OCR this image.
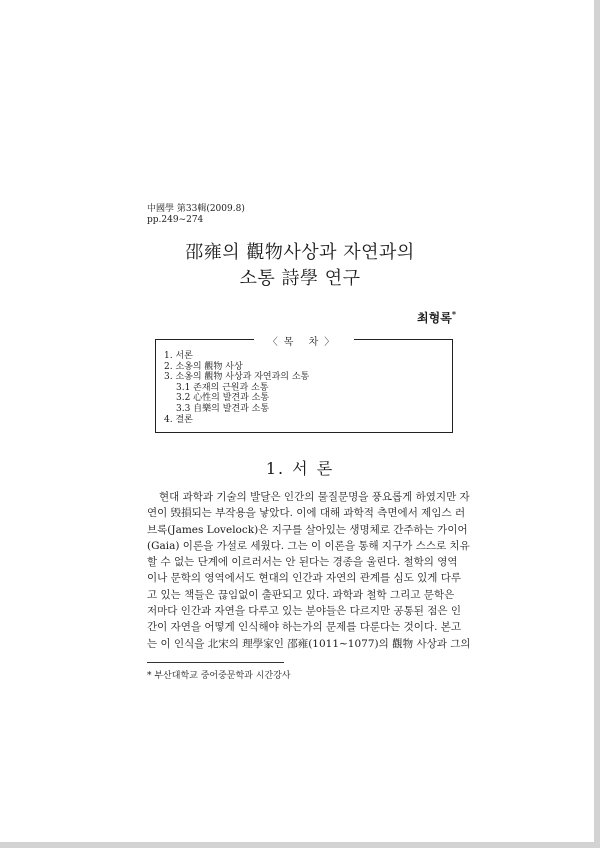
中國學 第33輯(2009.8)
pp.249∼274
邵雍의 觀物사상과 자연과의
소통 詩學 연구
최형록*
〈목 차〉
1. 서론
2. 소옹의 觀物 사상
3. 소옹의 觀物 사상과 자연과의 소통
3.1 존재의 근원과 소통
3.2 心性의 발견과 소통
3.3 自樂의 발견과 소통
4. 결론
1. 서 론
현대 과학과 기술의 발달은 인간의 물질문명을 풍요롭게 하였지만 자
연이 毁損되는 부작용을 낳았다. 이에 대해 과학적 측면에서 제임스 러
브록(James Lovelock)은 지구를 살아있는 생명체로 간주하는 가이어
(Gaia) 이론을 가설로 세웠다. 그는 이 이론을 통해 지구가 스스로 치유
할 수 없는 단계에 이르러서는 안 된다는 경종을 울린다. 철학의 영역
이나 문학의 영역에서도 현대의 인간과 자연의 관계를 심도 있게 다루
고 있는 책들은 끊임없이 출판되고 있다. 과학과 철학 그리고 문학은
저마다 인간과 자연을 다루고 있는 분야들은 다르지만 공통된 점은 인
간이 자연을 어떻게 인식해야 하는가의 문제를 다룬다는 것이다. 본고
는 이 인식을 北宋의 理學家인 邵雍(1011∼1077)의 觀物 사상과 그의
* 부산대학교 중어중문학과 시간강사
